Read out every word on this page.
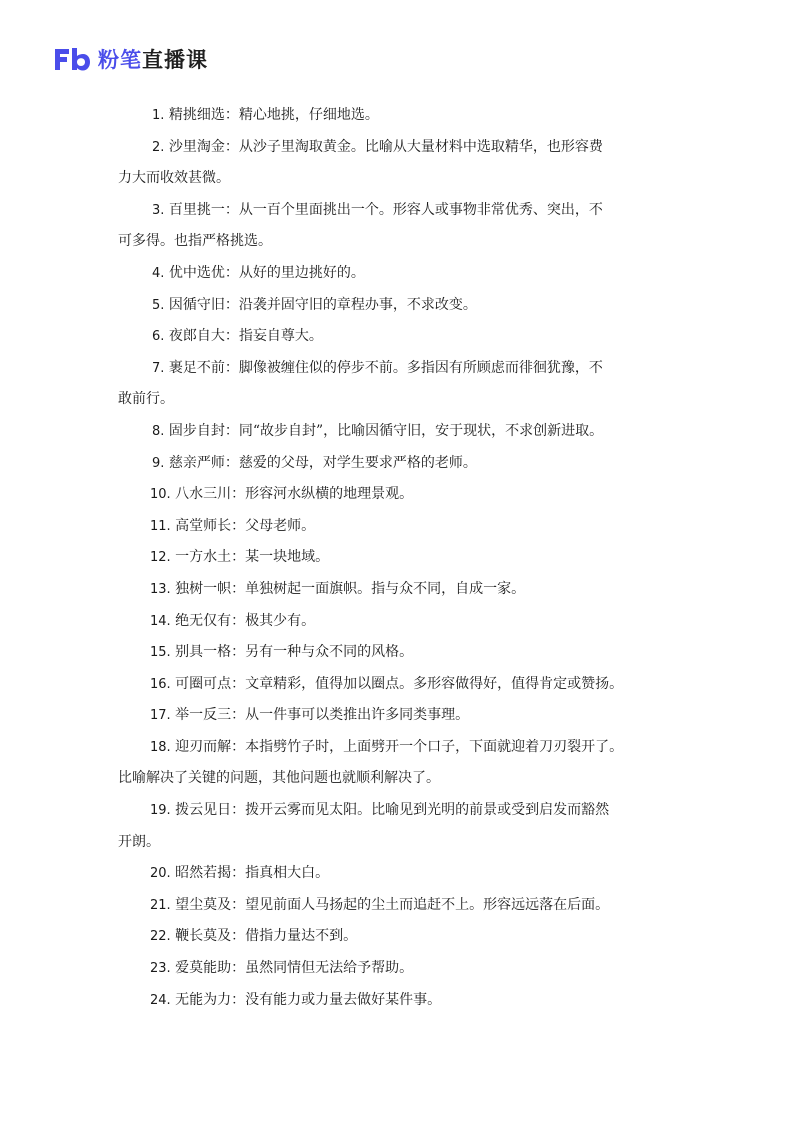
粉笔直播课
1. 精挑细选：精心地挑，仔细地选。
2. 沙里淘金：从沙子里淘取黄金。比喻从大量材料中选取精华，也形容费
力大而收效甚微。
3. 百里挑一：从一百个里面挑出一个。形容人或事物非常优秀、突出，不
可多得。也指严格挑选。
4. 优中选优：从好的里边挑好的。
5. 因循守旧：沿袭并固守旧的章程办事，不求改变。
6. 夜郎自大：指妄自尊大。
7. 裹足不前：脚像被缠住似的停步不前。多指因有所顾虑而徘徊犹豫，不
敢前行。
8. 固步自封：同“故步自封”，比喻因循守旧，安于现状，不求创新进取。
9. 慈亲严师：慈爱的父母，对学生要求严格的老师。
10. 八水三川：形容河水纵横的地理景观。
11. 高堂师长：父母老师。
12. 一方水土：某一块地域。
13. 独树一帜：单独树起一面旗帜。指与众不同，自成一家。
14. 绝无仅有：极其少有。
15. 别具一格：另有一种与众不同的风格。
16. 可圈可点：文章精彩，值得加以圈点。多形容做得好，值得肯定或赞扬。
17. 举一反三：从一件事可以类推出许多同类事理。
18. 迎刃而解：本指劈竹子时，上面劈开一个口子，下面就迎着刀刃裂开了。
比喻解决了关键的问题，其他问题也就顺利解决了。
19. 拨云见日：拨开云雾而见太阳。比喻见到光明的前景或受到启发而豁然
开朗。
20. 昭然若揭：指真相大白。
21. 望尘莫及：望见前面人马扬起的尘土而追赶不上。形容远远落在后面。
22. 鞭长莫及：借指力量达不到。
23. 爱莫能助：虽然同情但无法给予帮助。
24. 无能为力：没有能力或力量去做好某件事。
